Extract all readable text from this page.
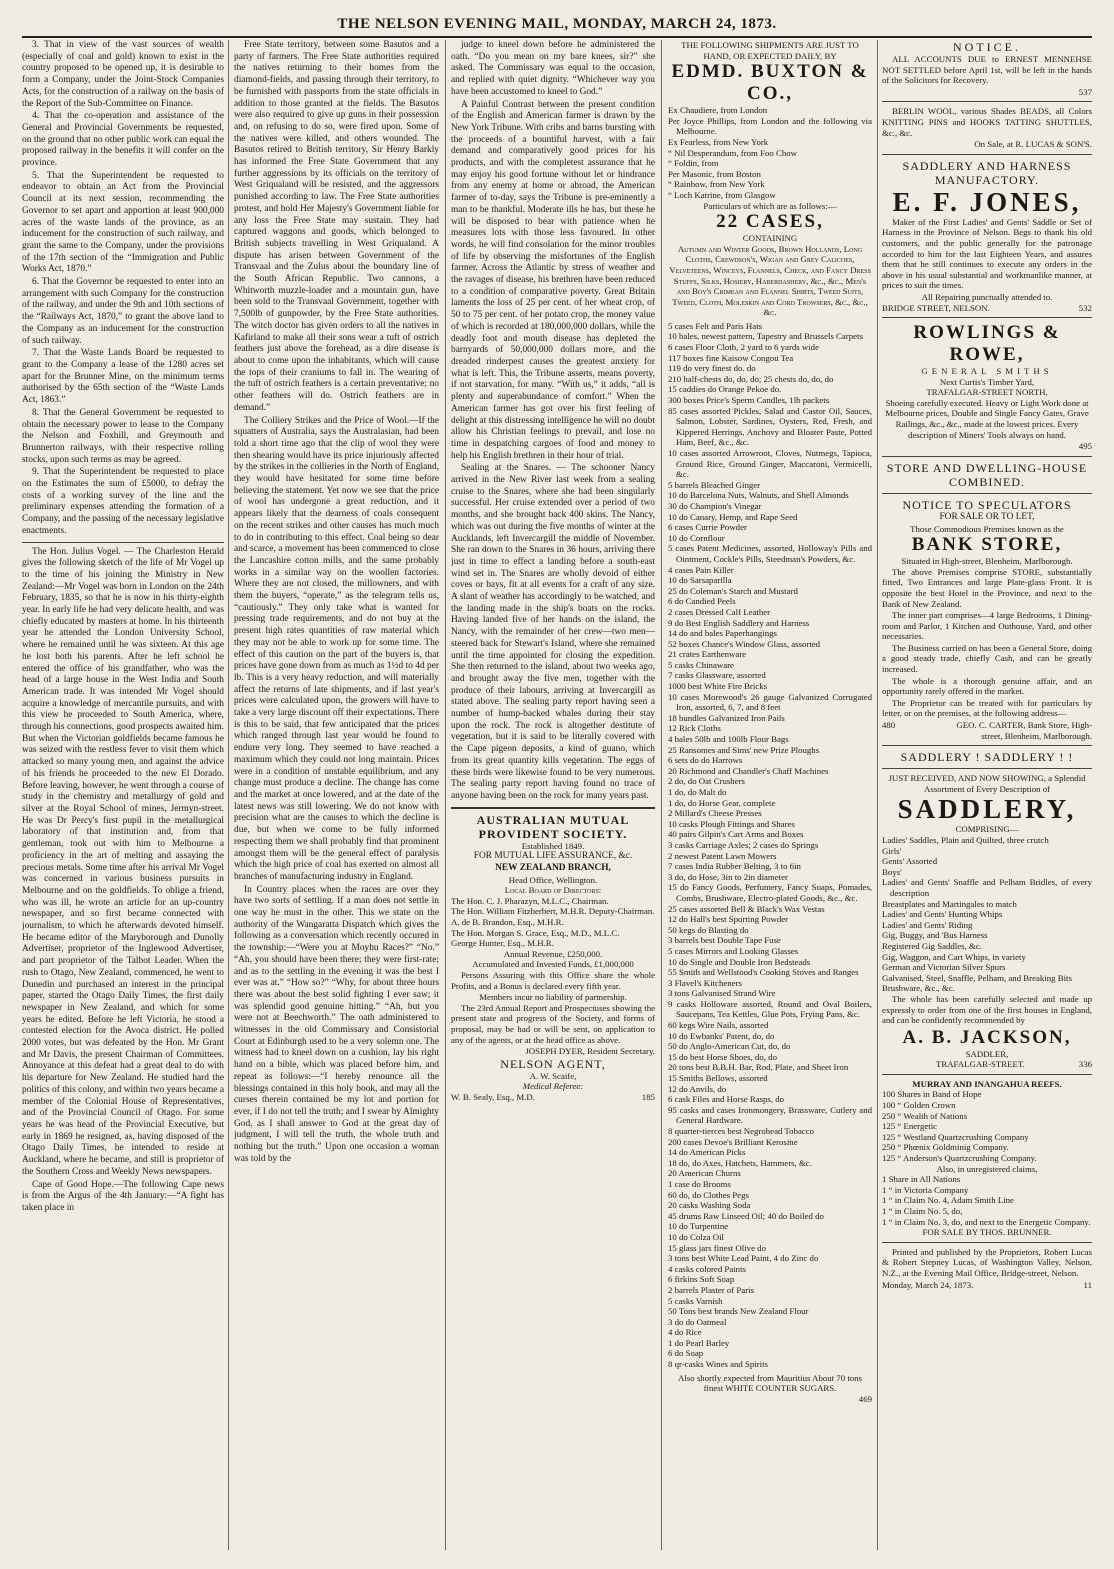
THE NELSON EVENING MAIL, MONDAY, MARCH 24, 1873.

3. That in view of the vast sources of wealth (especially of coal and gold) known to exist in the country proposed to be opened up, it is desirable to form a Company, under the Joint-Stock Companies Acts, for the construction of a railway on the basis of the Report of the Sub-Committee on Finance.

4. That the co-operation and assistance of the General and Provincial Governments be requested, on the ground that no other public work can equal the proposed railway in the benefits it will confer on the province.

5. That the Superintendent be requested to endeavor to obtain an Act from the Provincial Council at its next session, recommending the Governor to set apart and apportion at least 900,000 acres of the waste lands of the province, as an inducement for the construction of such railway, and grant the same to the Company, under the provisions of the 17th section of the “Immigration and Public Works Act, 1870.”

6. That the Governor be requested to enter into an arrangement with such Company for the construction of the railway, and under the 9th and 10th sections of the “Railways Act, 1870,” to grant the above land to the Company as an inducement for the construction of such railway.

7. That the Waste Lands Board be requested to grant to the Company a lease of the 1280 acres set apart for the Brunner Mine, on the minimum terms authorised by the 65th section of the “Waste Lands Act, 1863.”

8. That the General Government be requested to obtain the necessary power to lease to the Company the Nelson and Foxhill, and Greymouth and Brunnerton railways, with their respective rolling stocks, upon such terms as may be agreed.

9. That the Superintendent be requested to place on the Estimates the sum of £5000, to defray the costs of a working survey of the line and the preliminary expenses attending the formation of a Company, and the passing of the necessary legislative enactments.

The Hon. Julius Vogel. — The Charleston Herald gives the following sketch of the life of Mr Vogel up to the time of his joining the Ministry in New Zealand:—Mr Vogel was born in London on the 24th February, 1835, so that he is now in his thirty-eighth year. In early life he had very delicate health, and was chiefly educated by masters at home. In his thirteenth year he attended the London University School, where he remained until he was sixteen. At this age he lost both his parents. After he left school he entered the office of his grandfather, who was the head of a large house in the West India and South American trade. It was intended Mr Vogel should acquire a knowledge of mercantile pursuits, and with this view he proceeded to South America, where, through his connections, good prospects awaited him. But when the Victorian goldfields became famous he was seized with the restless fever to visit them which attacked so many young men, and against the advice of his friends he proceeded to the new El Dorado. Before leaving, however, he went through a course of study in the chemistry and metallurgy of gold and silver at the Royal School of mines, Jermyn-street. He was Dr Percy's first pupil in the metallurgical laboratory of that institution and, from that gentleman, took out with him to Melbourne a proficiency in the art of melting and assaying the precious metals. Some time after his arrival Mr Vogel was concerned in various business pursuits in Melbourne and on the goldfields. To oblige a friend, who was ill, he wrote an article for an up-country newspaper, and so first became connected with journalism, to which he afterwards devoted himself. He became editor of the Maryborough and Dunolly Advertiser, proprietor of the Inglewood Advertiser, and part proprietor of the Talbot Leader. When the rush to Otago, New Zealand, commenced, he went to Dunedin and purchased an interest in the principal paper, started the Otago Daily Times, the first daily newspaper in New Zealand, and which for some years he edited. Before he left Victoria, he stood a contested election for the Avoca district. He polled 2000 votes, but was defeated by the Hon. Mr Grant and Mr Davis, the present Chairman of Committees. Annoyance at this defeat had a great deal to do with his departure for New Zealand. He studied hard the politics of this colony, and within two years became a member of the Colonial House of Representatives, and of the Provincial Council of Otago. For some years he was head of the Provincial Executive, but early in 1869 he resigned, as, having disposed of the Otago Daily Times, he intended to reside at Auckland, where he became, and still is proprietor of the Southern Cross and Weekly News newspapers.

Cape of Good Hope.—The following Cape news is from the Argus of the 4th January:—“A fight has taken place in

Free State territory, between some Basutos and a party of farmers. The Free State authorities required the natives returning to their homes from the diamond-fields, and passing through their territory, to be furnished with passports from the state officials in addition to those granted at the fields. The Basutos were also required to give up guns in their possession and, on refusing to do so, were fired upon. Some of the natives were killed, and others wounded. The Basutos retired to British territory, Sir Henry Barkly has informed the Free State Government that any further aggressions by its officials on the territory of West Griqualand will be resisted, and the aggressors punished according to law. The Free State authorities protest, and hold Her Majesty's Government liable for any loss the Free State may sustain. They had captured waggons and goods, which belonged to British subjects travelling in West Griqualand. A dispute has arisen between Government of the Transvaal and the Zulus about the boundary line of the South African Republic. Two cannons, a Whitworth muzzle-loader and a mountain gun, have been sold to the Transvaal Government, together with 7,500lb of gunpowder, by the Free State authorities. The witch doctor has given orders to all the natives in Kafirland to make all their sons wear a tuft of ostrich feathers just above the forehead, as a dire disease is about to come upon the inhabitants, which will cause the tops of their craniums to fall in. The wearing of the tuft of ostrich feathers is a certain preventative; no other feathers will do. Ostrich feathers are in demand.”

The Colliery Strikes and the Price of Wool.—If the squatters of Australia, says the Australasian, had been told a short time ago that the clip of wool they were then shearing would have its price injuriously affected by the strikes in the collieries in the North of England, they would have hesitated for some time before believing the statement. Yet now we see that the price of wool has undergone a great reduction, and it appears likely that the dearness of coals consequent on the recent strikes and other causes has much much to do in contributing to this effect. Coal being so dear and scarce, a movement has been commenced to close the Lancashire cotton mills, and the same probably works in a similar way on the woollen factories. Where they are not closed, the millowners, and with them the buyers, “operate,” as the telegram tells us, “cautiously.” They only take what is wanted for pressing trade requirements, and do not buy at the present high rates quantities of raw material which they may not be able to work up for some time. The effect of this caution on the part of the buyers is, that prices have gone down from as much as 1½d to 4d per lb. This is a very heavy reduction, and will materially affect the returns of late shipments, and if last year's prices were calculated upon, the growers will have to take a very large discount off their expectations. There is this to be said, that few anticipated that the prices which ranged through last year would be found to endure very long. They seemed to have reached a maximum which they could not long maintain. Prices were in a condition of unstable equilibrium, and any change must produce a decline. The change has come and the market at once lowered, and at the date of the latest news was still lowering. We do not know with precision what are the causes to which the decline is due, but when we come to be fully informed respecting them we shall probably find that prominent amongst them will be the general effect of paralysis which the high price of coal has exerted on almost all branches of manufacturing industry in England.

In Country places when the races are over they have two sorts of settling. If a man does not settle in one way he must in the other. This we state on the authority of the Wangaratta Dispatch which gives the following as a conversation which recently occured in the township:—“Were you at Moyhu Races?” “No.” “Ah, you should have been there; they were first-rate; and as to the settling in the evening it was the best I ever was at.” “How so?” “Why, for about three hours there was about the best solid fighting I ever saw; it was splendid good genuine hitting.” “Ah, but you were not at Beechworth.” The oath administered to witnesses in the old Commissary and Consistorial Court at Edinburgh used to be a very solemn one. The witness had to kneel down on a cushion, lay his right hand on a bible, which was placed before him, and repeat as follows:—“I hereby renounce all the blessings contained in this holy book, and may all the curses therein contained be my lot and portion for ever, if I do not tell the truth; and I swear by Almighty God, as I shall answer to God at the great day of judgment, I will tell the truth, the whole truth and nothing but the truth.” Upon one occasion a woman was told by the

judge to kneel down before he administered the oath. “Do you mean on my bare knees, sir?” she asked. The Commissary was equal to the occasion, and replied with quiet dignity. “Whichever way you have been accustomed to kneel to God.”

A Painful Contrast between the present condition of the English and American farmer is drawn by the New York Tribune. With cribs and barns bursting with the proceeds of a bountiful harvest, with a fair demand and comparatively good prices for his products, and with the completest assurance that he may enjoy his good fortune without let or hindrance from any enemy at home or abroad, the American farmer of to-day, says the Tribune is pre-eminently a man to be thankful. Moderate ills he has, but these he will be disposed to bear with patience when he measures lots with those less favoured. In other words, he will find consolation for the minor troubles of life by observing the misfortunes of the English farmer. Across the Atlantic by stress of weather and the ravages of disease, his brethren have been reduced to a condition of comparative poverty. Great Britain laments the loss of 25 per cent. of her wheat crop, of 50 to 75 per cent. of her potato crop, the money value of which is recorded at 180,000,000 dollars, while the deadly foot and mouth disease has depleted the barnyards of 50,000,000 dollars more, and the dreaded rinderpest causes the greatest anxiety for what is left. This, the Tribune asserts, means poverty, if not starvation, for many. “With us,” it adds, “all is plenty and superabundance of comfort.” When the American farmer has got over his first feeling of delight at this distressing intelligence he will no doubt allow his Christian feelings to prevail, and lose no time in despatching cargoes of food and money to help his English brethren in their hour of trial.

Sealing at the Snares. — The schooner Nancy arrived in the New River last week from a sealing cruise to the Snares, where she had been singularly successful. Her cruise extended over a period of two months, and she brought back 400 skins. The Nancy, which was out during the five months of winter at the Aucklands, left Invercargill the middle of November. She ran down to the Snares in 36 hours, arriving there just in time to effect a landing before a south-east wind set in. The Snares are wholly devoid of either coves or bays, fit at all events for a craft of any size. A slant of weather has accordingly to be watched, and the landing made in the ship's boats on the rocks. Having landed five of her hands on the island, the Nancy, with the remainder of her crew—two men—steered back for Stewart's Island, where she remained until the time appointed for closing the expedition. She then returned to the island, about two weeks ago, and brought away the five men, together with the produce of their labours, arriving at Invercargill as stated above. The sealing party report having seen a number of hump-backed whales during their stay upon the rock. The rock is altogether destitute of vegetation, but it is said to be literally covered with the Cape pigeon deposits, a kind of guano, which from its great quantity kills vegetation. The eggs of these birds were likewise found to be very numerous. The sealing party report having found no trace of anyone having been on the rock for many years past.

AUSTRALIAN MUTUAL PROVIDENT SOCIETY.
Established 1849.
FOR MUTUAL LIFE ASSURANCE, &c.
NEW ZEALAND BRANCH,
Head Office, Wellington.
Local Board of Directors:
The Hon. C. J. Pharazyn, M.L.C., Chairman.
The Hon. William Fitzherbert, M.H.R. Deputy-Chairman.
A. de B. Brandon, Esq., M.H.R.
The Hon. Morgan S. Grace, Esq., M.D., M.L.C.
George Hunter, Esq., M.H.R.
Annual Revenue, £250,000.
Accumulated and Invested Funds, £1,000,000

Persons Assuring with this Office share the whole Profits, and a Bonus is declared every fifth year.

Members incur no liability of partnership.

The 23rd Annual Report and Prospectuses showing the present state and progress of the Society, and forms of proposal, may be had or will be sent, on application to any of the agents, or at the head office as above.

JOSEPH DYER, Resident Secretary.
NELSON AGENT,
A. W. Scaife,
Medical Referee:
W. B. Sealy, Esq., M.D.	185
THE FOLLOWING SHIPMENTS ARE JUST TO HAND, OR EXPECTED DAILY, BY
EDMD. BUXTON & CO.,
Ex Chaudiere, from London
Per Joyce Phillips, from London and the following via Melbourne.
Ex Fearless, from New York
“ Nil Desperandum, from Foo Chow
“ Foldin, from
Per Masonic, from Boston
“ Rainbow, from New York
“ Loch Katrine, from Glasgow
Particulars of which are as follows:—
22 CASES,
CONTAINING
Autumn and Winter Goods, Brown Hollands, Long Cloths, Crewdson's, Wigan and Grey Calicoes, Velveteens, Winceys, Flannels, Check, and Fancy Dress Stuffs, Silks, Hosiery, Haberdashery, &c., &c., Men's and Boy's Crimean and Flannel Shirts, Tweed Suits, Tweed, Cloth, Moleskin and Cord Trowsers, &c., &c., &c.
5 cases Felt and Paris Hats
10 bales, newest pattern, Tapestry and Brussels Carpets
6 cases Floor Cloth, 2 yard to 6 yards wide
117 boxes fine Kaisow Congou Tea
119 do very finest do. do
210 half-chests do, do, do; 25 chests do, do, do
15 caddies do Orange Pekoe do.
300 boxes Price's Sperm Candles, 1lb packets
85 cases assorted Pickles, Salad and Castor Oil, Sauces, Salmon, Lobster, Sardines, Oysters, Red, Fresh, and Kippered Herrings, Anchovy and Bloater Paste, Potted Ham, Beef, &c., &c.
10 cases assorted Arrowroot, Cloves, Nutmegs, Tapioca, Ground Rice, Ground Ginger, Maccaroni, Vermicelli, &c.
5 barrels Bleached Ginger
10 do Barcelona Nuts, Walnuts, and Shell Almonds
30 do Champion's Vinegar
10 do Canary, Hemp, and Rape Seed
6 cases Currie Powder
10 do Cornflour
5 cases Patent Medicines, assorted, Holloway's Pills and Ointment, Cockle's Pills, Steedman's Powders, &c.
4 cases Pain Killer
10 do Sarsaparilla
25 do Coleman's Starch and Mustard
6 do Candied Peels
2 cases Dressed Calf Leather
9 do Best English Saddlery and Harness
14 do and bales Paperhangings
52 boxes Chance's Window Glass, assorted
21 crates Earthenware
5 casks Chinaware
7 casks Glassware, assorted
1000 best White Fire Bricks
10 cases Morewood's 26 gauge Galvanized Corrugated Iron, assorted, 6, 7, and 8 feet
18 bundles Galvanized Iron Pails
12 Rick Cloths
4 bales 50lb and 100lb Flour Bags
25 Ransomes and Sims' new Prize Ploughs
6 sets do do Harrows
20 Richmond and Chandler's Chaff Machines
2 do, do Oat Crushers
1 do, do Malt do
1 do, do Horse Gear, complete
2 Millard's Cheese Presses
10 casks Plough Fittings and Shares
40 pairs Gilpin's Cart Arms and Boxes
3 casks Carriage Axles; 2 cases do Springs
2 newest Patent Lawn Mowers
7 cases India Rubber Belting, 3 to 6in
3 do, do Hose, 3in to 2in diameter
15 do Fancy Goods, Perfumery, Fancy Soaps, Pomades, Combs, Brushware, Electro-plated Goods, &c., &c.
25 cases assorted Bell & Black's Wax Vestas
12 do Hall's best Sporting Powder
50 kegs do Blasting do
3 barrels best Double Tape Fuse
5 cases Mirrors and Looking Glasses
10 do Single and Double Iron Bedsteads
55 Smith and Wellstood's Cooking Stoves and Ranges
3 Flavel's Kitcheners
3 tons Galvanised Strand Wire
9 casks Holloware assorted, Round and Oval Boilers, Saucepans, Tea Kettles, Glue Pots, Frying Pans, &c.
60 kegs Wire Nails, assorted
10 do Ewbanks' Patent, do, do
50 do Anglo-American Cut, do, do
15 do best Horse Shoes, do, do
20 tons best B.B.H. Bar, Rod, Plate, and Sheet Iron
15 Smiths Bellows, assorted
12 do Anvils, do
6 cask Files and Horse Rasps, do
95 casks and cases Ironmongery, Brassware, Cutlery and General Hardware.
8 quarter-tierces best Negrohead Tobacco
200 cases Devoe's Brilliant Kerosine
14 do American Picks
18 do, do Axes, Hatchets, Hammers, &c.
20 American Churns
1 case do Brooms
60 do, do Clothes Pegs
20 casks Washing Soda
45 drums Raw Linseed Oil; 40 do Boiled do
10 do Turpentine
10 do Colza Oil
15 glass jars finest Olive do
3 tons best White Lead Paint, 4 do Zinc do
4 casks colored Paints
6 firkins Soft Soap
2 barrels Plaster of Paris
5 casks Varnish
50 Tons best brands New Zealand Flour
3 do do Oatmeal
4 do Rice
1 do Pearl Barley
6 do Soap
8 qr-casks Wines and Spirits
Also shortly expected from Mauritius About 70 tons finest WHITE COUNTER SUGARS.
469
NOTICE.

ALL ACCOUNTS DUE to ERNEST MENNEHSE NOT SETTLED before April 1st, will be left in the hands of the Solicitors for Recovery.

537

BERLIN WOOL, various Shades BEADS, all Colors KNITTING PINS and HOOKS TATTING SHUTTLES, &c., &c.

On Sale, at R. LUCAS & SON'S.
SADDLERY AND HARNESS MANUFACTORY.
E. F. JONES,

Maker of the First Ladies' and Gents' Saddle or Set of Harness in the Province of Nelson. Begs to thank his old customers, and the public generally for the patronage accorded to him for the last Eighteen Years, and assures them that he still continues to execute any orders in the above in his usual substantial and workmanlike manner, at prices to suit the times.

All Repairing punctually attended to.
BRIDGE STREET, NELSON.	532
ROWLINGS & ROWE,
GENERAL SMITHS
Next Curtis's Timber Yard,
TRAFALGAR-STREET NORTH,

Shoeing carefully executed. Heavy or Light Work done at Melbourne prices, Double and Single Fancy Gates, Grave Railings, &c., &c., made at the lowest prices. Every description of Miners' Tools always on hand.

495
STORE AND DWELLING-HOUSE COMBINED.
NOTICE TO SPECULATORS
FOR SALE OR TO LET,
Those Commodious Premises known as the
BANK STORE,
Situated in High-street, Blenheim, Marlborough.

The above Premises comprise STORE, substantially fitted, Two Entrances and large Plate-glass Front. It is opposite the best Hotel in the Province, and next to the Bank of New Zealand.

The inner part comprises—4 large Bedrooms, 1 Dining-room and Parlor, 1 Kitchen and Outhouse, Yard, and other necessaries.

The Business carried on has been a General Store, doing a good steady trade, chiefly Cash, and can be greatly increased.

The whole is a thorough genuine affair, and an opportunity rarely offered in the market.

The Proprietor can be treated with for particulars by letter, or on the premises, at the following address—

480	GEO. C. CARTER, Bank Store, High-street, Blenheim, Marlborough.
SADDLERY ! SADDLERY ! !
JUST RECEIVED, AND NOW SHOWING, a Splendid Assortment of Every Description of
SADDLERY,
COMPRISING—
Ladies' Saddles, Plain and Quilted, three crutch
Girls'
Gents' Assorted
Boys'
Ladies' and Gents' Snaffle and Pelham Bridles, of every description
Breastplates and Martingales to match
Ladies' and Gents' Hunting Whips
Ladies' and Gents' Riding
Gig, Buggy, and 'Bus Harness
Registered Gig Saddles, &c.
Gig, Waggon, and Cart Whips, in variety
German and Victorian Silver Spurs
Galvanised, Steel, Snaffle, Pelham, and Breaking Bits
Brushware, &c., &c.

The whole has been carefully selected and made up expressly to order from one of the first houses in England, and can be confidently recommended by

A. B. JACKSON,
SADDLER,
TRAFALGAR-STREET.	336
MURRAY AND INANGAHUA REEFS.
100 Shares in Band of Hope
100 “ Golden Crown
250 “ Wealth of Nations
125 “ Energetic
125 “ Westland Quartzcrushing Company
250 “ Phœnix Goldminig Company.
125 “ Anderson's Quartzcrushing Company.
Also, in unregistered claims,
1 Share in All Nations
1 “ in Victoria Company
1 “ in Claim No. 4, Adam Smith Line
1 “ in Claim No. 5, do,
1 “ in Claim No. 3, do, and next to the Energetic Company.
FOR SALE BY THOS. BRUNNER.

Printed and published by the Proprietors, Robert Lucas & Robert Stepney Lucas, of Washington Valley, Nelson, N.Z., at the Evening Mail Office, Bridge-street, Nelson.

Monday, March 24, 1873.	11
